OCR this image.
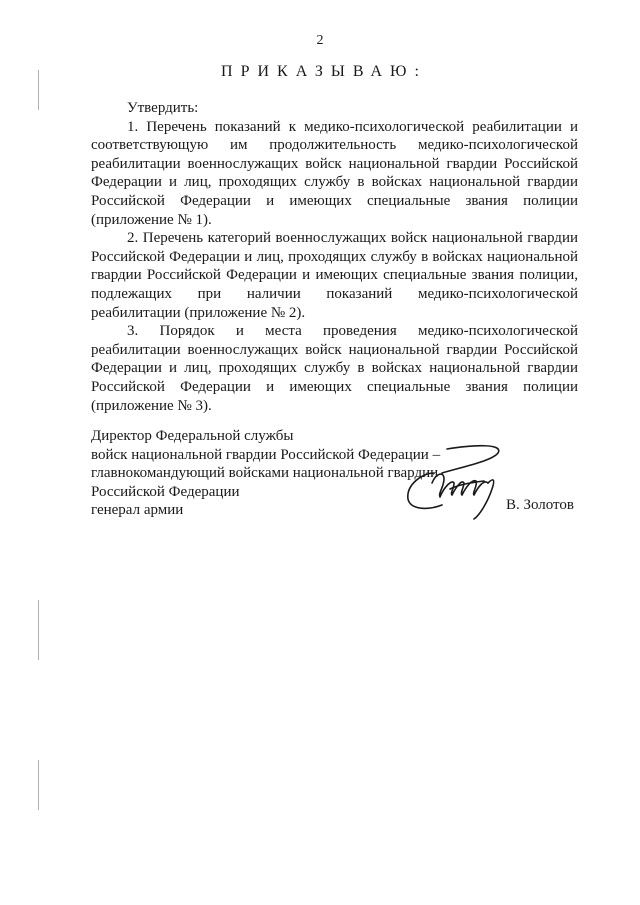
2
ПРИКАЗЫВАЮ:

Утвердить:

1. Перечень показаний к медико-психологической реабилитации и соответствующую им продолжительность медико-психологической реабилитации военнослужащих войск национальной гвардии Российской Федерации и лиц, проходящих службу в войсках национальной гвардии Российской Федерации и имеющих специальные звания полиции (приложение № 1).

2. Перечень категорий военнослужащих войск национальной гвардии Российской Федерации и лиц, проходящих службу в войсках национальной гвардии Российской Федерации и имеющих специальные звания полиции, подлежащих при наличии показаний медико-психологической реабилитации (приложение № 2).

3. Порядок и места проведения медико-психологической реабилитации военнослужащих войск национальной гвардии Российской Федерации и лиц, проходящих службу в войсках национальной гвардии Российской Федерации и имеющих специальные звания полиции (приложение № 3).

Директор Федеральной службы
войск национальной гвардии Российской Федерации –
главнокомандующий войсками национальной гвардии
Российской Федерации
генерал армии	В. Золотов
